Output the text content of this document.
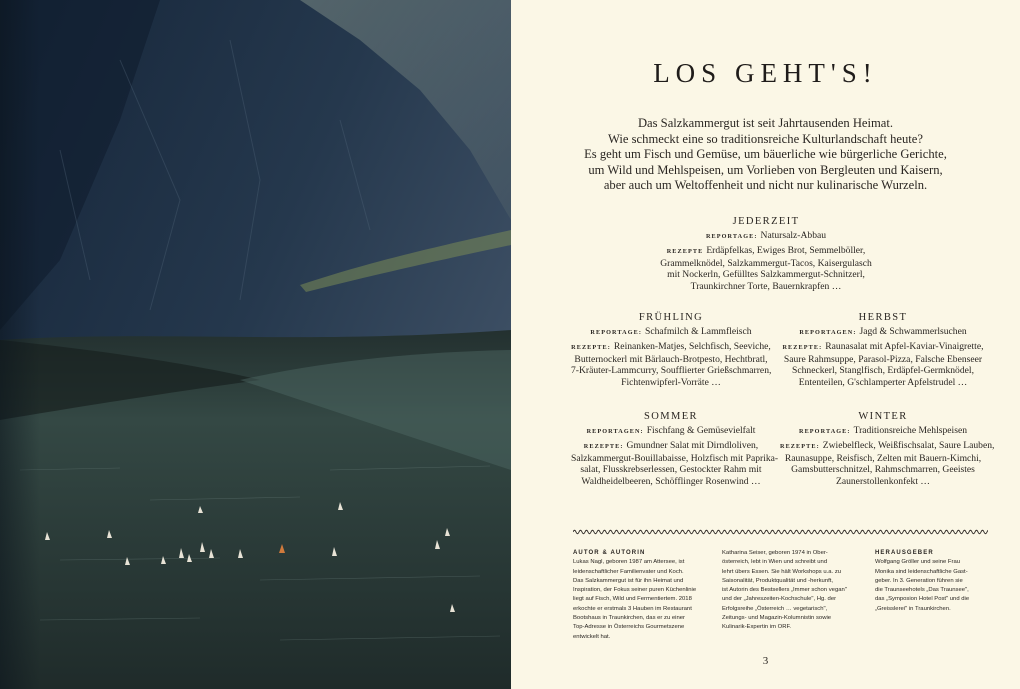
LOS GEHT'S!
Das Salzkammergut ist seit Jahrtausenden Heimat.
Wie schmeckt eine so traditionsreiche Kulturlandschaft heute?
Es geht um Fisch und Gemüse, um bäuerliche wie bürgerliche Gerichte,
um Wild und Mehlspeisen, um Vorlieben von Bergleuten und Kaisern,
aber auch um Weltoffenheit und nicht nur kulinarische Wurzeln.
JEDERZEIT
REPORTAGE: Natursalz-Abbau
REZEPTE Erdäpfelkas, Ewiges Brot, Semmelböller,
Grammelknödel, Salzkammergut-Tacos, Kaisergulasch
mit Nockerln, Gefülltes Salzkammergut-Schnitzerl,
Traunkirchner Torte, Bauernkrapfen …
FRÜHLING
REPORTAGE: Schafmilch & Lammfleisch
REZEPTE: Reinanken-Matjes, Selchfisch, Seeviche,
Butternockerl mit Bärlauch-Brotpesto, Hechtbratl,
7-Kräuter-Lammcurry, Soufflierter Grießschmarren,
Fichtenwipferl-Vorräte …
HERBST
REPORTAGEN: Jagd & Schwammerlsuchen
REZEPTE: Raunasalat mit Apfel-Kaviar-Vinaigrette,
Saure Rahmsuppe, Parasol-Pizza, Falsche Ebenseer
Schneckerl, Stanglfisch, Erdäpfel-Germknödel,
Ententeilen, G'schlamperter Apfelstrudel …
SOMMER
REPORTAGEN: Fischfang & Gemüsevielfalt
REZEPTE: Gmundner Salat mit Dirndloliven,
Salzkammergut-Bouillabaisse, Holzfisch mit Paprika-
salat, Flusskrebserlessen, Gestockter Rahm mit
Waldheidelbeeren, Schöfflinger Rosenwind …
WINTER
REPORTAGE: Traditionsreiche Mehlspeisen
REZEPTE: Zwiebelfleck, Weißfischsalat, Saure Lauben,
Raunasuppe, Reisfisch, Zelten mit Bauern-Kimchi,
Gamsbutterschnitzel, Rahmschmarren, Geeistes
Zaunerstollenkonfekt …
AUTOR & AUTORIN
Lukas Nagl, geboren 1987 am Attersee, ist
leidenschaftlicher Familienvater und Koch.
Das Salzkammergut ist für ihn Heimat und
Inspiration, der Fokus seiner puren Küchenlinie
liegt auf Fisch, Wild und Fermentiertem. 2018
erkochte er erstmals 3 Hauben im Restaurant
Bootshaus in Traunkirchen, das er zu einer
Top-Adresse in Österreichs Gourmetszene
entwickelt hat.
Katharina Seiser, geboren 1974 in Ober-
österreich, lebt in Wien und schreibt und
lehrt übers Essen. Sie hält Workshops u.a. zu
Saisonalität, Produktqualität und -herkunft,
ist Autorin des Bestsellers „Immer schon vegan"
und der „Jahreszeiten-Kochschule", Hg. der
Erfolgsreihe „Österreich … vegetarisch",
Zeitungs- und Magazin-Kolumnistin sowie
Kulinarik-Expertin im ORF.
HERAUSGEBER
Wolfgang Gröller und seine Frau
Monika sind leidenschaftliche Gast-
geber. In 3. Generation führen sie
die Traunseehotels „Das Traunsee",
das „Symposion Hotel Post" und die
„Greisslerei" in Traunkirchen.
3
